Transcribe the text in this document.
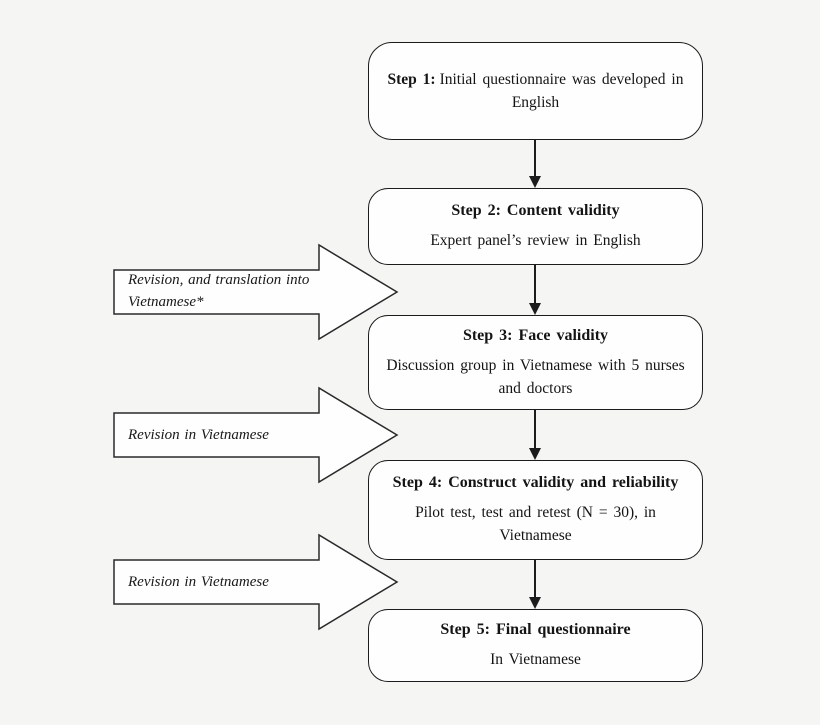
Step 1: Initial questionnaire was developed in English

Step 2: Content validity
Expert panel’s review in English
Step 3: Face validity
Discussion group in Vietnamese with 5 nurses and doctors
Step 4: Construct validity and reliability
Pilot test, test and retest (N = 30), in Vietnamese
Step 5: Final questionnaire
In Vietnamese
Revision, and translation into Vietnamese*
Revision in Vietnamese
Revision in Vietnamese
